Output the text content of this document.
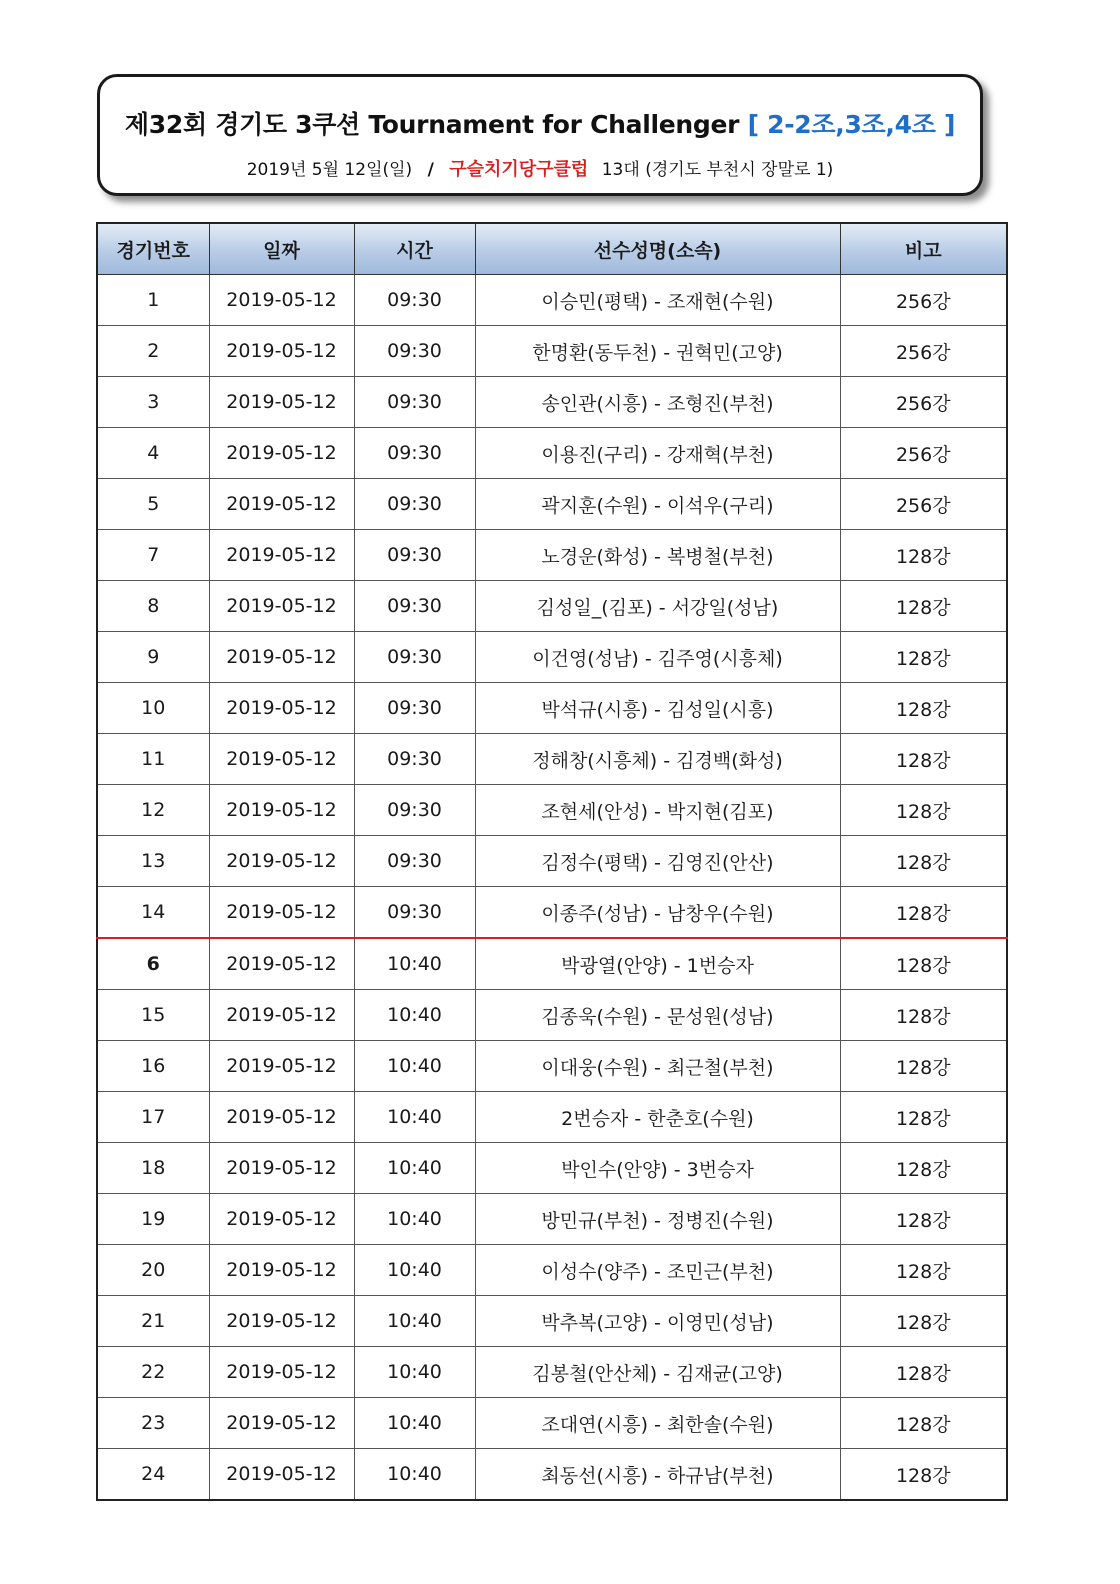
제32회 경기도 3쿠션 Tournament for Challenger [ 2-2조,3조,4조 ]
2019년 5월 12일(일) / 구슬치기당구클럽 13대 (경기도 부천시 장말로 1)
경기번호	일짜	시간	선수성명(소속)	비고
1	2019-05-12	09:30	이승민(평택) - 조재현(수원)	256강
2	2019-05-12	09:30	한명환(동두천) - 권혁민(고양)	256강
3	2019-05-12	09:30	송인관(시흥) - 조형진(부천)	256강
4	2019-05-12	09:30	이용진(구리) - 강재혁(부천)	256강
5	2019-05-12	09:30	곽지훈(수원) - 이석우(구리)	256강
7	2019-05-12	09:30	노경운(화성) - 복병철(부천)	128강
8	2019-05-12	09:30	김성일_(김포) - 서강일(성남)	128강
9	2019-05-12	09:30	이건영(성남) - 김주영(시흥체)	128강
10	2019-05-12	09:30	박석규(시흥) - 김성일(시흥)	128강
11	2019-05-12	09:30	정해창(시흥체) - 김경백(화성)	128강
12	2019-05-12	09:30	조현세(안성) - 박지현(김포)	128강
13	2019-05-12	09:30	김정수(평택) - 김영진(안산)	128강
14	2019-05-12	09:30	이종주(성남) - 남창우(수원)	128강
6	2019-05-12	10:40	박광열(안양) - 1번승자	128강
15	2019-05-12	10:40	김종욱(수원) - 문성원(성남)	128강
16	2019-05-12	10:40	이대웅(수원) - 최근철(부천)	128강
17	2019-05-12	10:40	2번승자 - 한춘호(수원)	128강
18	2019-05-12	10:40	박인수(안양) - 3번승자	128강
19	2019-05-12	10:40	방민규(부천) - 정병진(수원)	128강
20	2019-05-12	10:40	이성수(양주) - 조민근(부천)	128강
21	2019-05-12	10:40	박추복(고양) - 이영민(성남)	128강
22	2019-05-12	10:40	김봉철(안산체) - 김재균(고양)	128강
23	2019-05-12	10:40	조대연(시흥) - 최한솔(수원)	128강
24	2019-05-12	10:40	최동선(시흥) - 하규남(부천)	128강
